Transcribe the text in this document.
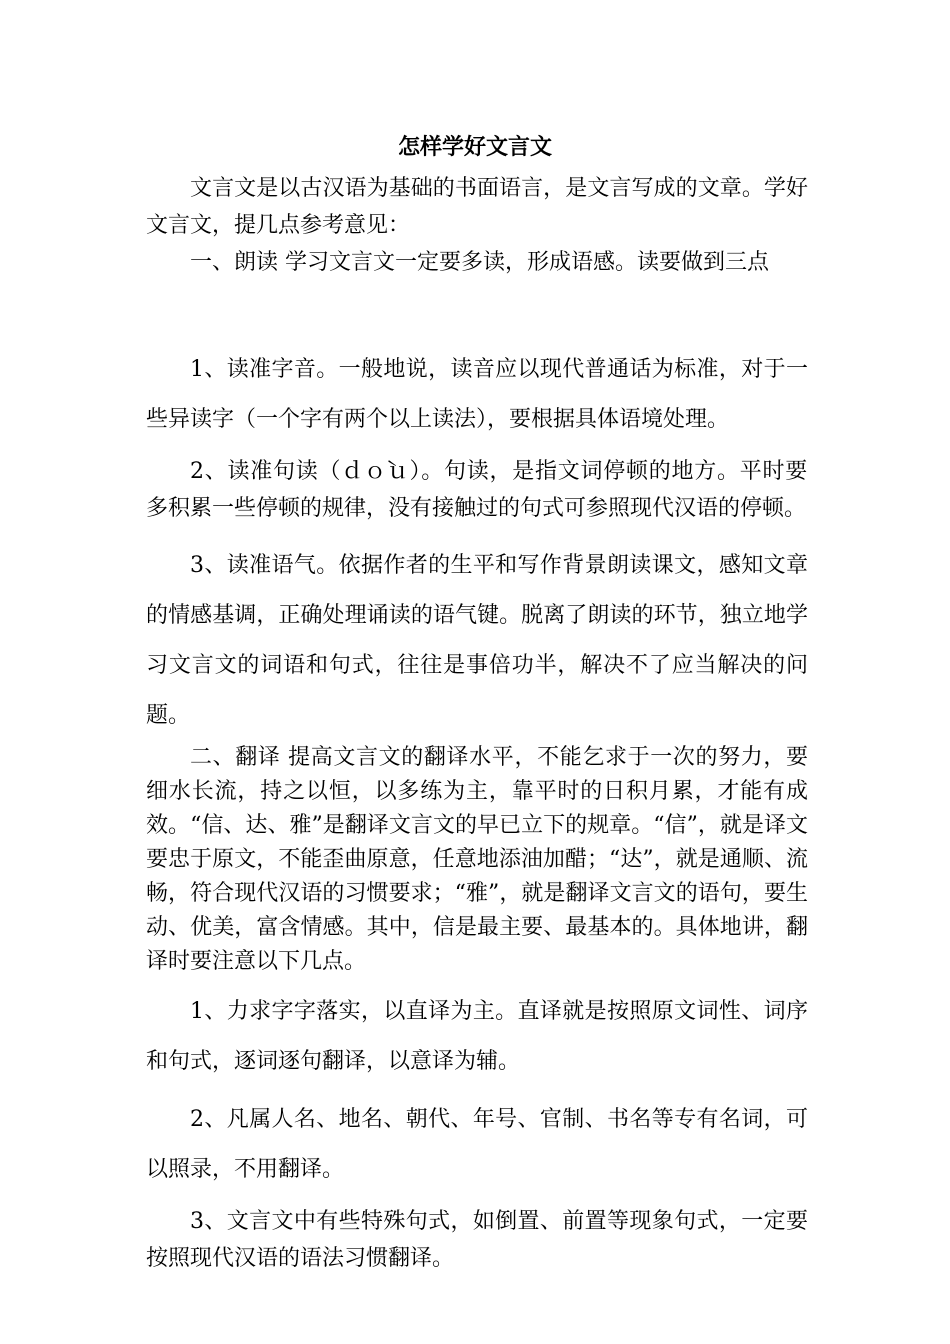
怎样学好文言文

文言文是以古汉语为基础的书面语言，是文言写成的文章。学好文言文，提几点参考意见：

一、朗读 学习文言文一定要多读，形成语感。读要做到三点

1、读准字音。一般地说，读音应以现代普通话为标准，对于一些异读字（一个字有两个以上读法），要根据具体语境处理。

2、读准句读（ｄｏ̀ｕ）。句读，是指文词停顿的地方。平时要多积累一些停顿的规律，没有接触过的句式可参照现代汉语的停顿。

3、读准语气。依据作者的生平和写作背景朗读课文，感知文章的情感基调，正确处理诵读的语气键。脱离了朗读的环节，独立地学习文言文的词语和句式，往往是事倍功半，解决不了应当解决的问题。

二、翻译 提高文言文的翻译水平，不能乞求于一次的努力，要细水长流，持之以恒，以多练为主，靠平时的日积月累，才能有成效。“信、达、雅”是翻译文言文的早已立下的规章。“信”，就是译文要忠于原文，不能歪曲原意，任意地添油加醋；“达”，就是通顺、流畅，符合现代汉语的习惯要求；“雅”，就是翻译文言文的语句，要生动、优美，富含情感。其中，信是最主要、最基本的。具体地讲，翻译时要注意以下几点。

1、力求字字落实，以直译为主。直译就是按照原文词性、词序和句式，逐词逐句翻译，以意译为辅。

2、凡属人名、地名、朝代、年号、官制、书名等专有名词，可以照录，不用翻译。

3、文言文中有些特殊句式，如倒置、前置等现象句式，一定要按照现代汉语的语法习惯翻译。
